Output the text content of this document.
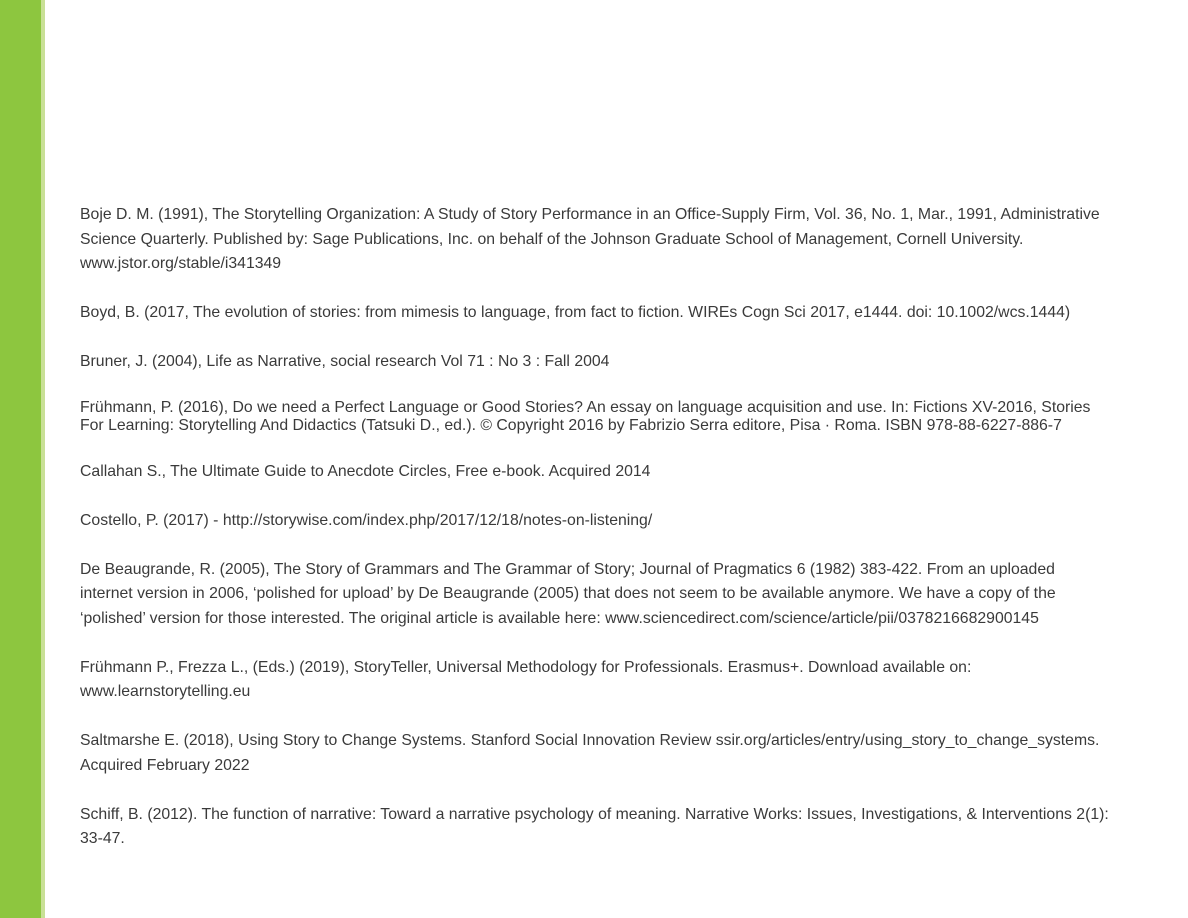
Boje D. M. (1991), The Storytelling Organization: A Study of Story Performance in an Office-Supply Firm, Vol. 36, No. 1, Mar., 1991, Administrative Science Quarterly. Published by: Sage Publications, Inc. on behalf of the Johnson Graduate School of Management, Cornell University. www.jstor.org/stable/i341349

Boyd, B. (2017, The evolution of stories: from mimesis to language, from fact to fiction. WIREs Cogn Sci 2017, e1444. doi: 10.1002/wcs.1444)

Bruner, J. (2004), Life as Narrative, social research Vol 71 : No 3 : Fall 2004

Frühmann, P. (2016), Do we need a Perfect Language or Good Stories? An essay on language acquisition and use. In: Fictions XV-2016, Stories For Learning: Storytelling And Didactics (Tatsuki D., ed.). © Copyright 2016 by Fabrizio Serra editore, Pisa · Roma. ISBN 978-88-6227-886-7

Callahan S., The Ultimate Guide to Anecdote Circles, Free e-book. Acquired 2014

Costello, P. (2017) - http://storywise.com/index.php/2017/12/18/notes-on-listening/

De Beaugrande, R. (2005), The Story of Grammars and The Grammar of Story; Journal of Pragmatics 6 (1982) 383-422. From an uploaded internet version in 2006, ‘polished for upload’ by De Beaugrande (2005) that does not seem to be available anymore. We have a copy of the ‘polished’ version for those interested. The original article is available here: www.sciencedirect.com/science/article/pii/0378216682900145

Frühmann P., Frezza L., (Eds.) (2019), StoryTeller, Universal Methodology for Professionals. Erasmus+. Download available on: www.learnstorytelling.eu

Saltmarshe E. (2018), Using Story to Change Systems. Stanford Social Innovation Review ssir.org/articles/entry/using_story_to_change_systems. Acquired February 2022

Schiff, B. (2012). The function of narrative: Toward a narrative psychology of meaning. Narrative Works: Issues, Investigations, & Interventions 2(1): 33-47.
